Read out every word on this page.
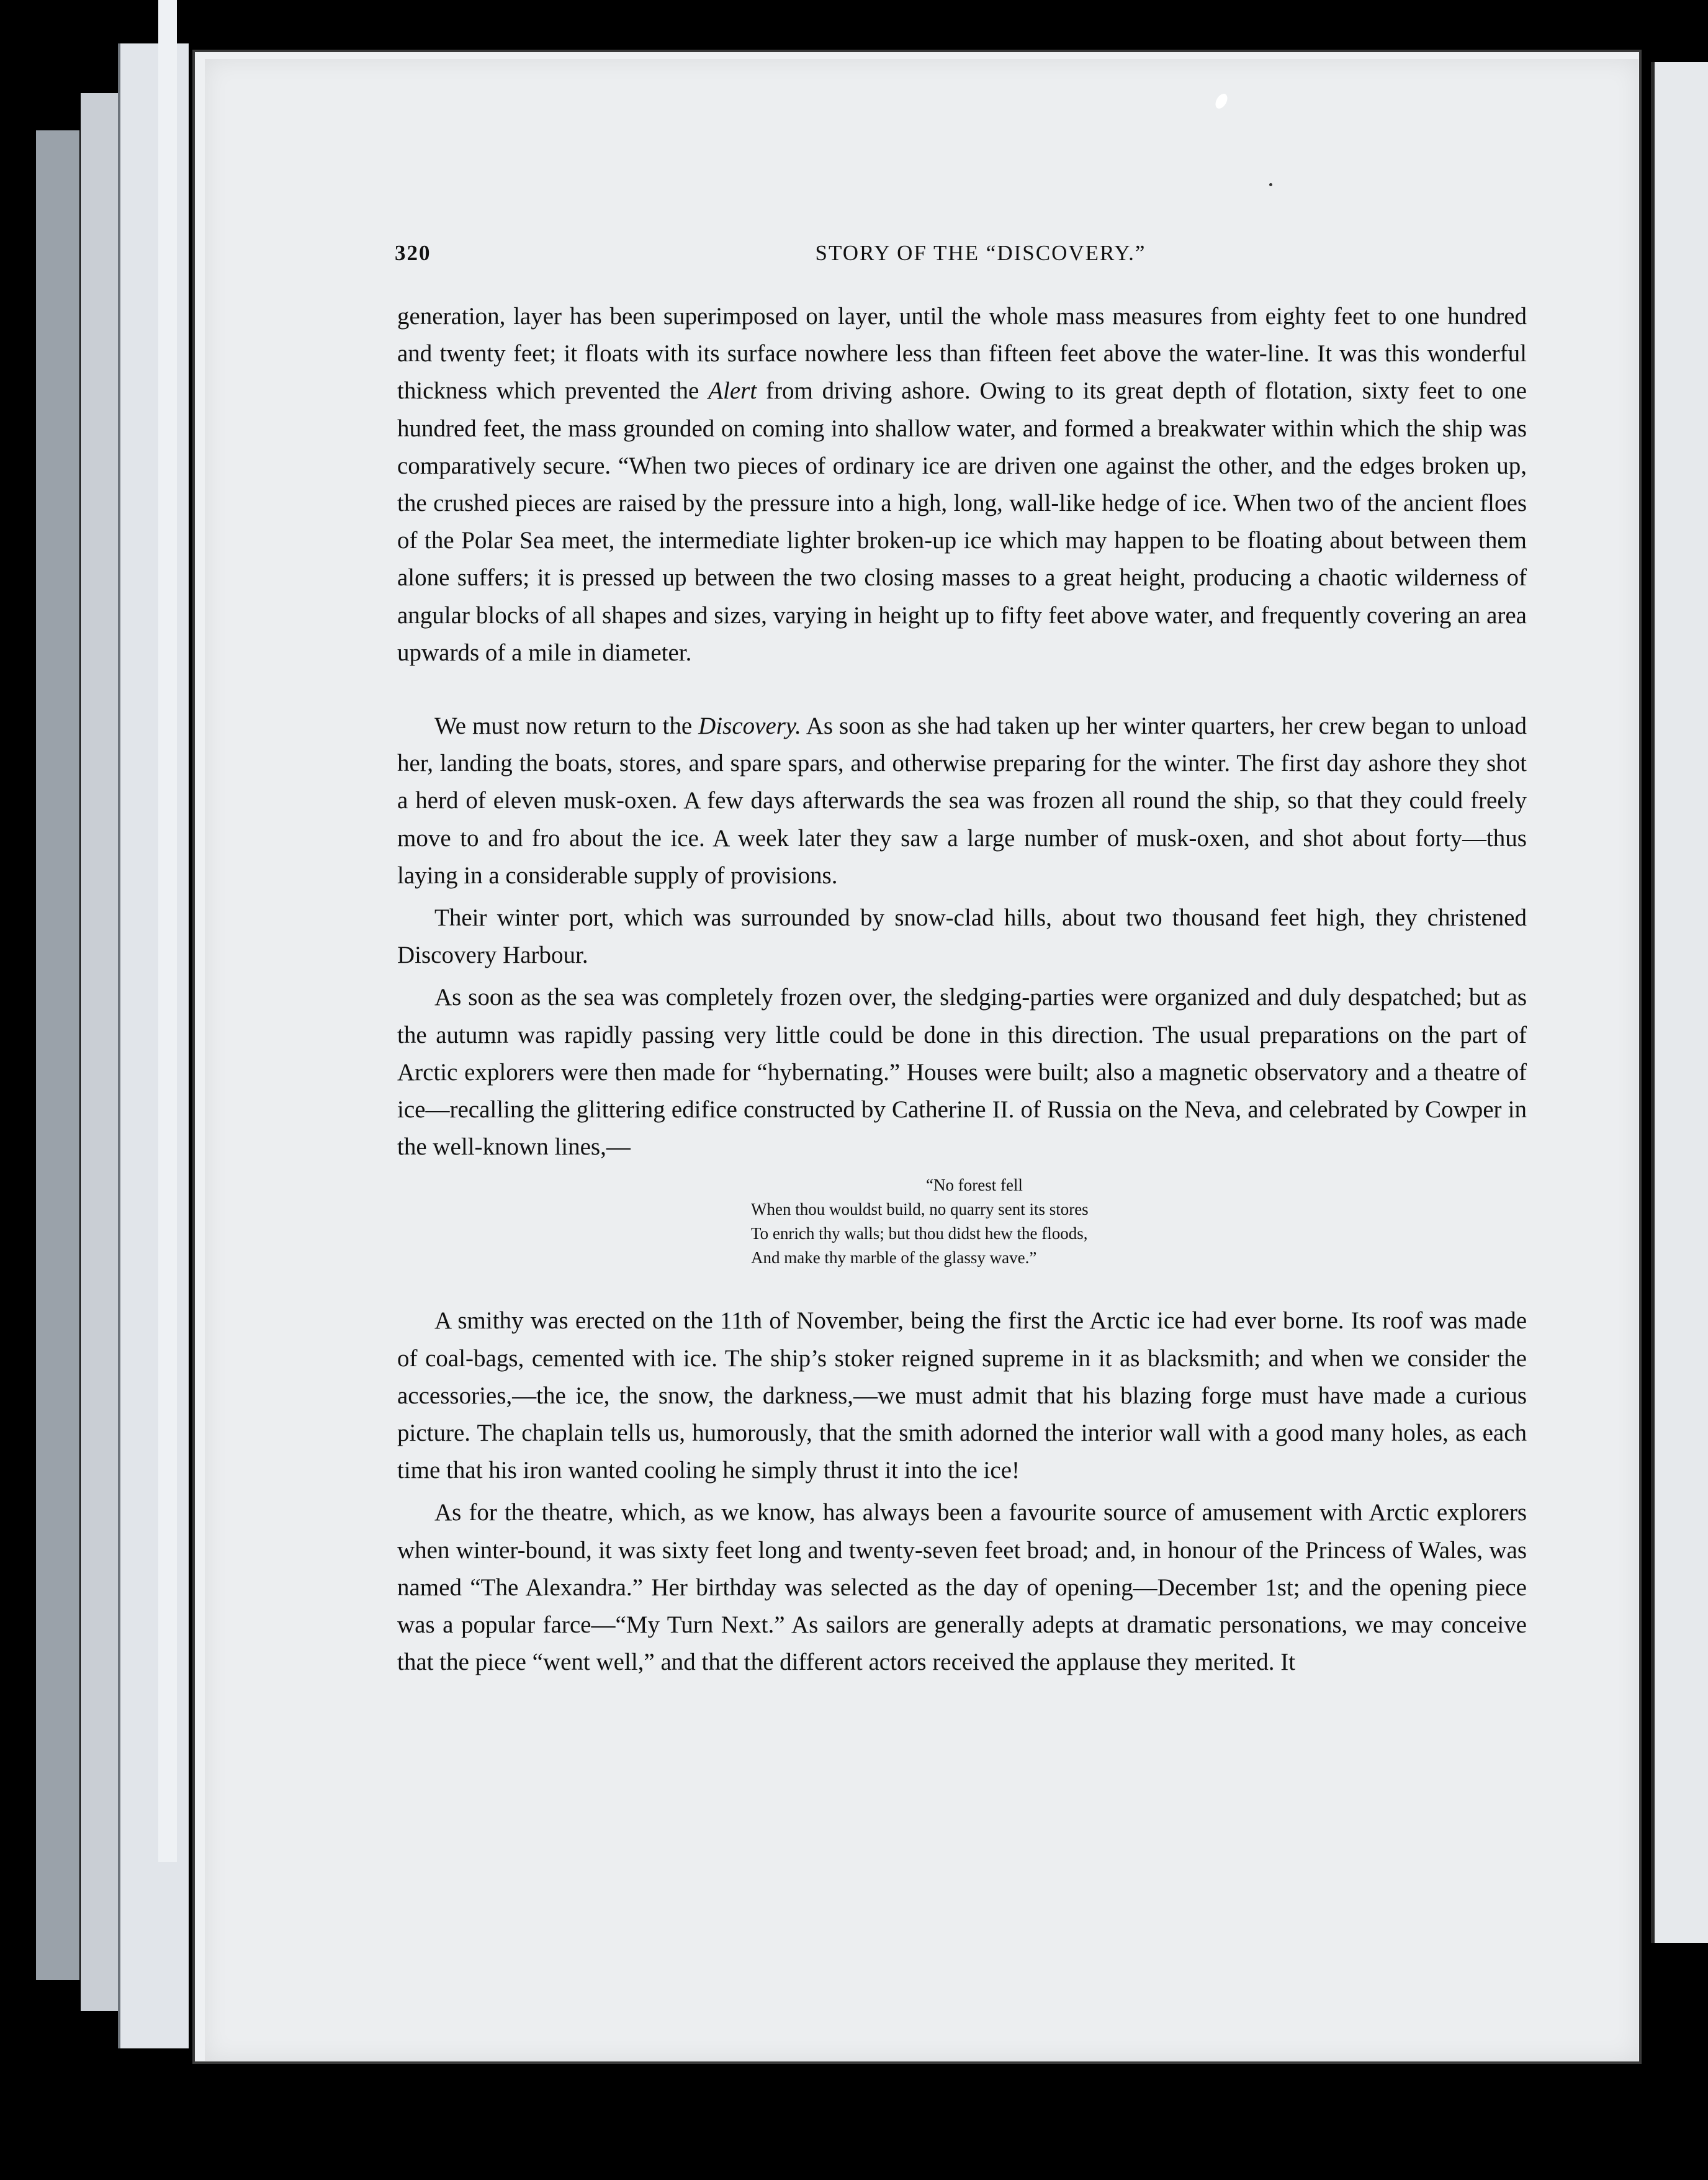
320	STORY OF THE “DISCOVERY.”

generation, layer has been superimposed on layer, until the whole mass measures from eighty feet to one hundred and twenty feet; it floats with its surface nowhere less than fifteen feet above the water-line. It was this wonderful thickness which prevented the Alert from driving ashore. Owing to its great depth of flotation, sixty feet to one hundred feet, the mass grounded on coming into shallow water, and formed a breakwater within which the ship was comparatively secure. “When two pieces of ordinary ice are driven one against the other, and the edges broken up, the crushed pieces are raised by the pressure into a high, long, wall-like hedge of ice. When two of the ancient floes of the Polar Sea meet, the intermediate lighter broken-up ice which may happen to be floating about between them alone suffers; it is pressed up between the two closing masses to a great height, producing a chaotic wilderness of angular blocks of all shapes and sizes, varying in height up to fifty feet above water, and frequently covering an area upwards of a mile in diameter.

We must now return to the Discovery. As soon as she had taken up her winter quarters, her crew began to unload her, landing the boats, stores, and spare spars, and otherwise preparing for the winter. The first day ashore they shot a herd of eleven musk-oxen. A few days afterwards the sea was frozen all round the ship, so that they could freely move to and fro about the ice. A week later they saw a large number of musk-oxen, and shot about forty—thus laying in a considerable supply of provisions.

Their winter port, which was surrounded by snow-clad hills, about two thousand feet high, they christened Discovery Harbour.

As soon as the sea was completely frozen over, the sledging-parties were organized and duly despatched; but as the autumn was rapidly passing very little could be done in this direction. The usual preparations on the part of Arctic explorers were then made for “hybernating.” Houses were built; also a magnetic observatory and a theatre of ice—recalling the glittering edifice constructed by Catherine II. of Russia on the Neva, and celebrated by Cowper in the well-known lines,—

“No forest fell
When thou wouldst build, no quarry sent its stores
To enrich thy walls; but thou didst hew the floods,
And make thy marble of the glassy wave.”

A smithy was erected on the 11th of November, being the first the Arctic ice had ever borne. Its roof was made of coal-bags, cemented with ice. The ship’s stoker reigned supreme in it as blacksmith; and when we consider the accessories,—the ice, the snow, the darkness,—we must admit that his blazing forge must have made a curious picture. The chaplain tells us, humorously, that the smith adorned the interior wall with a good many holes, as each time that his iron wanted cooling he simply thrust it into the ice!

As for the theatre, which, as we know, has always been a favourite source of amusement with Arctic explorers when winter-bound, it was sixty feet long and twenty-seven feet broad; and, in honour of the Princess of Wales, was named “The Alexandra.” Her birthday was selected as the day of opening—December 1st; and the opening piece was a popular farce—“My Turn Next.” As sailors are generally adepts at dramatic personations, we may conceive that the piece “went well,” and that the different actors received the applause they merited. It
